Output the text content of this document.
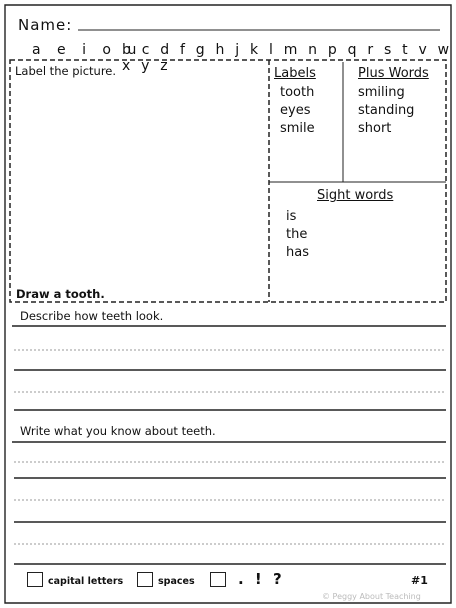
Name:
a e i o u
b c d f g h j k l m n p q r s t v w x y z
Label the picture.
Draw a tooth.
Labels
tooth
eyes
smile
Plus Words
smiling
standing
short
Sight words
is
the
has
Describe how teeth look.
Write what you know about teeth.
capital letters	spaces	. ! ?	#1
© Peggy About Teaching
